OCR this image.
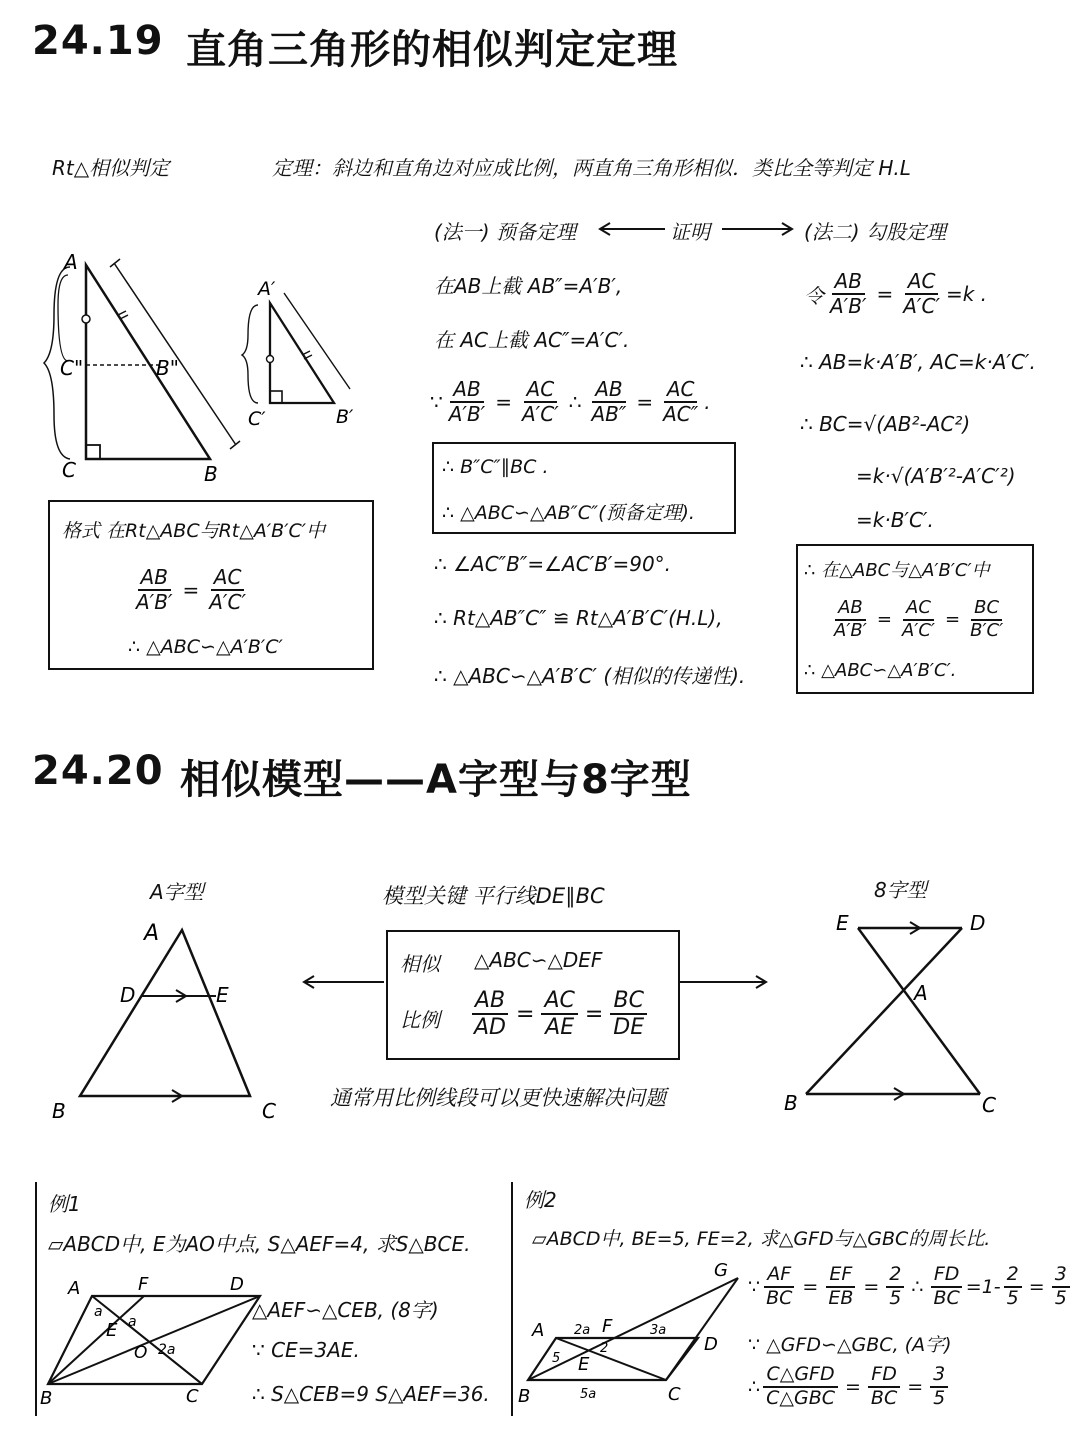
24.19 直角三角形的相似判定定理
Rt△相似判定	定理：斜边和直角边对应成比例，两直角三角形相似．类比全等判定 H.L
(法一) 预备定理	证明	(法二) 勾股定理
A
C"	B"
C	B
A′
C′	B′
格式 在Rt△ABC与Rt△A′B′C′中
$\frac{AB}{A'B'} = \frac{AC}{A'C'}$
∴ △ABC∽△A′B′C′
在AB上截 AB″=A′B′,
在 AC上截 AC″=A′C′.
∵ $\frac{AB}{A'B'} = \frac{AC}{A'C'}$ ∴ $\frac{AB}{AB''} = \frac{AC}{AC''}$ .
∴ B″C″∥BC .
∴ △ABC∽△AB″C″(预备定理).
∴ ∠AC″B″=∠AC′B′=90°.
∴ Rt△AB″C″ ≌ Rt△A′B′C′(H.L),
∴ △ABC∽△A′B′C′ (相似的传递性).
令 $\frac{AB}{A'B'} = \frac{AC}{A'C'} =k$ .
∴ AB=k·A′B′, AC=k·A′C′.
∴ BC=√(AB²-AC²)
=k·√(A′B′²-A′C′²)
=k·B′C′.
∴ 在△ABC与△A′B′C′中
$\frac{AB}{A'B'} = \frac{AC}{A'C'} = \frac{BC}{B'C'}$
∴ △ABC∽△A′B′C′.
24.20 相似模型——A字型与8字型
A字型	8字型
A
D	E
B	C
模型关键 平行线DE∥BC
相似 △ABC∽△DEF
比例 $\frac{AB}{AD} = \frac{AC}{AE} = \frac{BC}{DE}$
通常用比例线段可以更快速解决问题
E	D
A
B	C
例1
▱ABCD中, E为AO中点, S△AEF=4, 求S△BCE.
A	F	D
E
O
B	C
a
a
2a
△AEF∽△CEB, (8字)
∵ CE=3AE.
∴ S△CEB=9 S△AEF=36.
例2
▱ABCD中, BE=5, FE=2, 求△GFD与△GBC的周长比.
A	F
G
D
E
B	C
5
2
2a	3a
5a
∵ $\frac{AF}{BC} = \frac{EF}{EB} = \frac{2}{5}$ ∴ $\frac{FD}{BC} =1- \frac{2}{5} = \frac{3}{5}$
∵ △GFD∽△GBC, (A字)
∴ $\frac{\text{C△GFD}}{\text{C△GBC}} = \frac{FD}{BC} = \frac{3}{5}$
